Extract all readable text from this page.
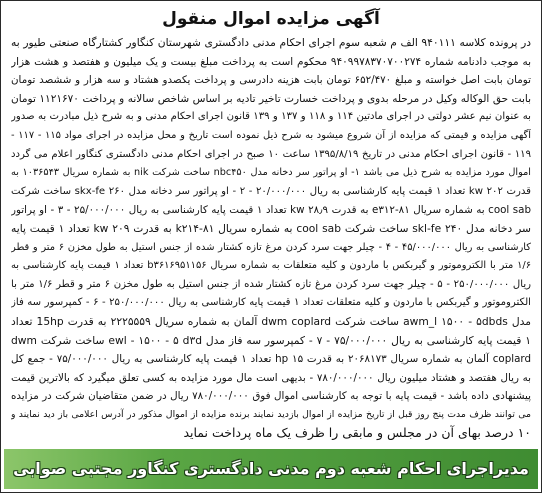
آگهی مزایده اموال منقول
در پرونده کلاسه ۹۴۰۱۱۱ الف م شعبه سوم اجرای احکام مدنی دادگستری شهرستان کنگاور کشتارگاه صنعتی طیور به
به موجب دادنامه شماره ۹۴۰۹۹۷۸۳۷۰۷۰۰۲۷۴ محکوم است به پرداخت مبلغ بیست و یک میلیون و هفتصد و هشت هزار
تومان بابت اصل خواسته و مبلغ ۶۵۲/۴۷۰ تومان بابت هزینه دادرسی و پرداخت یکصدو هشتاد و سه هزار و ششصد تومان
بابت حق الوکاله وکیل در مرحله بدوی و پرداخت خسارت تاخیر تادیه بر اساس شاخص سالانه و پرداخت ۱۱۲۱۶۷۰ تومان
به عنوان نیم عشر دولتی در اجرای مادتین ۱۱۴ و ۱۱۸ و ۱۳۷ و ۱۳۹ قانون اجرای احکام مدنی و به شرح ذیل مبادرت به صدور
آگهی مزایده و قیمتی که مزایده از آن شروع میشود به شرح ذیل نموده است تاریخ و محل مزایده در اجرای مواد ۱۱۵ - ۱۱۷ -
۱۱۹ - قانون اجرای احکام مدنی در تاریخ ۱۳۹۵/۸/۱۹ ساعت ۱۰ صبح در اجرای احکام مدنی دادگستری کنگاور اعلام می گردد
اموال مورد مزایده به شرح ذیل می باشد ۱- او پراتور سر دخانه مدل nbc۴۵۰ ساخت شرکت nik به شماره سریال ۱۰۳۶۵۴۳ به
قدرت kw ۲۰۲ تعداد ۱ قیمت پایه کارشناسی به ریال ۲۰/۰۰۰/۰۰۰ - ۲ - او پراتور سر دخانه مدل ۲۶۰ skx-fe ساخت شرکت
cool sab به شماره سریال e۳۱۲-۸۱ به قدرت ۲۸٫۹ kw تعداد ۱ قیمت پایه کارشناسی به ریال ۲۵/۰۰۰/۰۰۰ - ۳ - او پراتور
سر دخانه مدل ۲۴۰ skl-fe ساخت شرکت cool sab به شماره سریال k۲۱۴-۸۱ به قدرت ۲۰۹ kw تعداد ۱ قیمت پایه
کارشناسی به ریال ۴۵/۰۰۰/۰۰۰ - ۴ - چیلر جهت سرد کردن مرغ تازه کشتار شده از جنس استیل به طول مخزن ۶ متر و قطر
۱/۶ متر با الکتروموتور و گیربکس با ماردون و کلیه متعلقات به شماره سریال b۳۶۱۶۹۵۱۱۵۶ تعداد ۱ قیمت پایه کارشناسی به
ریال ۲۵۰/۰۰۰/۰۰۰ - ۵ - چیلر جهت سرد کردن مرغ تازه کشتار شده از جنس استیل به طول مخزن ۶ متر و قطر ۱/۶ متر با
الکتروموتور و گیربکس با ماردون و کلیه متعلقات تعداد ۱ قیمت پایه کارشناسی به ریال ۲۵۰/۰۰۰/۰۰۰ - ۶ - کمپرسور سه فاز
مدل awm_l ۱۵۰۰ - ۵dbds ساخت شرکت dwm coplard آلمان به شماره سریال ۲۲۲۵۵۵۹ به قدرت 15hp تعداد
۱ قیمت پایه کارشناسی به ریال ۷۵/۰۰۰/۰۰۰ - ۷ - کمپرسور سه فاز مدل ewl - ۱۵۰۰ - ۵ d۳d ساخت شرکت dwm
coplard آلمان به شماره سریال ۲۰۶۸۱۷۳ به قدرت ۱۵ hp تعداد ۱ قیمت پایه کارشناسی به ریال ۷۵/۰۰۰/۰۰۰ - جمع کل
به ریال هفتصد و هشتاد میلیون ریال ۷۸۰/۰۰۰/۰۰۰ - بدیهی است مال مورد مزایده به کسی تعلق میگیرد که بالاترین قیمت
پیشنهادی داده باشد - قیمت پایه با توجه به کارشناسی اموال فوق ۷۸۰/۰۰۰/۰۰۰ ریال در ضمن متقاضیان شرکت در مزایده
می توانند ظرف مدت پنج روز قبل از تاریخ مزایده از اموال بازدید نمایند برنده مزایده از اموال مذکور در آدرس اعلامی باز دید نمایند و
۱۰ درصد بهای آن در مجلس و مابقی را ظرف یک ماه پرداخت نماید
مدیراجرای احکام شعبه دوم مدنی دادگستری کنگاور مجتبی صوابی
